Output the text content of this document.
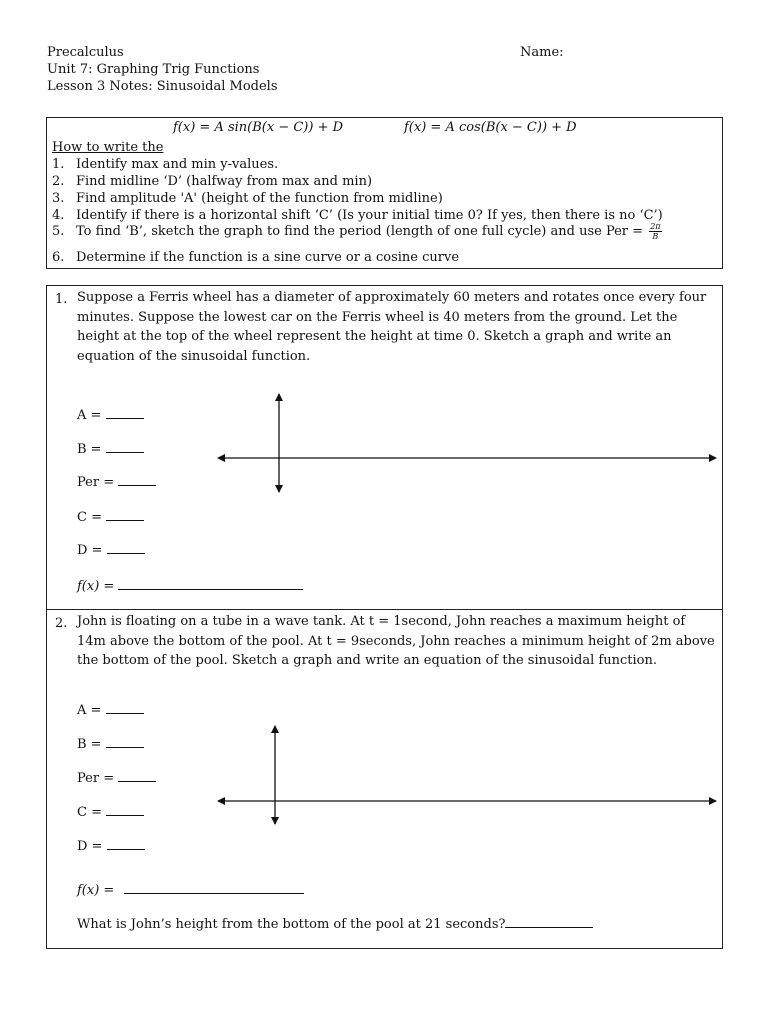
Precalculus
Unit 7: Graphing Trig Functions
Lesson 3 Notes: Sinusoidal Models
Name:
f(x) = A sin(B(x − C)) + D	f(x) = A cos(B(x − C)) + D
How to write the
1. Identify max and min y-values.
2. Find midline ‘D’ (halfway from max and min)
3. Find amplitude 'A' (height of the function from midline)
4. Identify if there is a horizontal shift ‘C’ (Is your initial time 0? If yes, then there is no ‘C’)
5. To find ‘B’, sketch the graph to find the period (length of one full cycle) and use Per = $\frac{2\pi}{B}$
6. Determine if the function is a sine curve or a cosine curve
1. Suppose a Ferris wheel has a diameter of approximately 60 meters and rotates once every four minutes. Suppose the lowest car on the Ferris wheel is 40 meters from the ground. Let the height at the top of the wheel represent the height at time 0. Sketch a graph and write an equation of the sinusoidal function.
A =
B =
Per =
C =
D =
f(x) =
2. John is floating on a tube in a wave tank. At t = 1second, John reaches a maximum height of 14m above the bottom of the pool. At t = 9seconds, John reaches a minimum height of 2m above the bottom of the pool. Sketch a graph and write an equation of the sinusoidal function.
A =
B =
Per =
C =
D =
f(x) =
What is John’s height from the bottom of the pool at 21 seconds?
